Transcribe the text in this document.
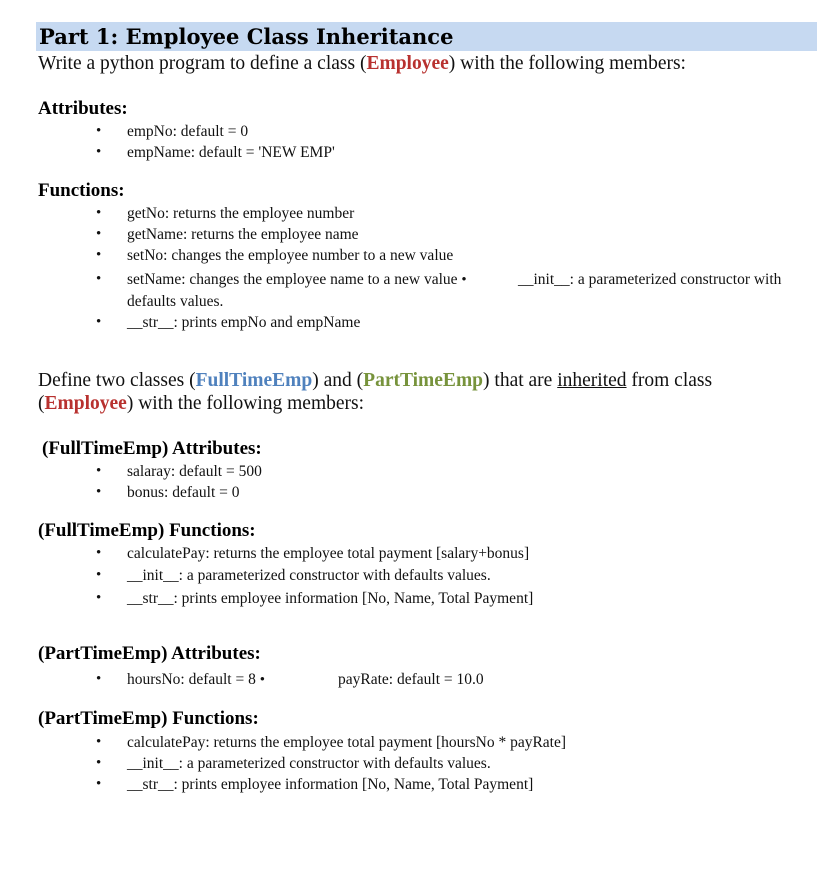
Part 1: Employee Class Inheritance
Write a python program to define a class (Employee) with the following members:
Attributes:
• empNo: default = 0
• empName: default = 'NEW EMP'
Functions:
• getNo: returns the employee number
• getName: returns the employee name
• setNo: changes the employee number to a new value
• setName: changes the employee name to a new value •	__init__: a parameterized constructor with
defaults values.
• __str__: prints empNo and empName
Define two classes (FullTimeEmp) and (PartTimeEmp) that are inherited from class
(Employee) with the following members:
(FullTimeEmp) Attributes:
• salaray: default = 500
• bonus: default = 0
(FullTimeEmp) Functions:
• calculatePay: returns the employee total payment [salary+bonus]
• __init__: a parameterized constructor with defaults values.
• __str__: prints employee information [No, Name, Total Payment]
(PartTimeEmp) Attributes:
• hoursNo: default = 8 •	payRate: default = 10.0
(PartTimeEmp) Functions:
• calculatePay: returns the employee total payment [hoursNo * payRate]
• __init__: a parameterized constructor with defaults values.
• __str__: prints employee information [No, Name, Total Payment]
